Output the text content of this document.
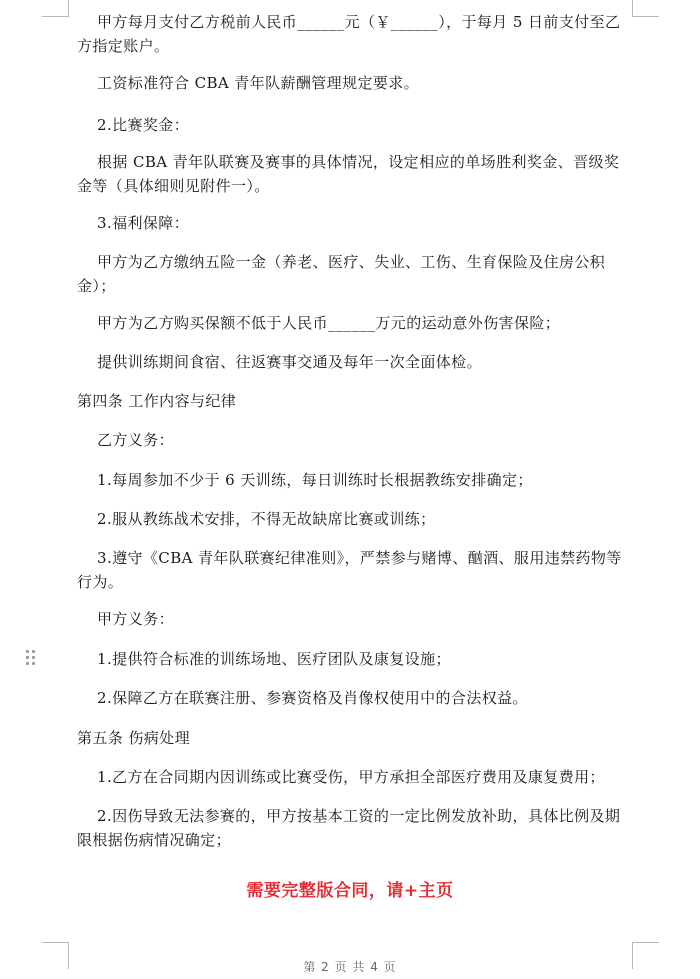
甲方每月支付乙方税前人民币______元（￥______），于每月 5 日前支付至乙方指定账户。
工资标准符合 CBA 青年队薪酬管理规定要求。
2.比赛奖金：
根据 CBA 青年队联赛及赛事的具体情况，设定相应的单场胜利奖金、晋级奖金等（具体细则见附件一）。
3.福利保障：
甲方为乙方缴纳五险一金（养老、医疗、失业、工伤、生育保险及住房公积金）；
甲方为乙方购买保额不低于人民币______万元的运动意外伤害保险；
提供训练期间食宿、往返赛事交通及每年一次全面体检。
第四条 工作内容与纪律
乙方义务：
1.每周参加不少于 6 天训练，每日训练时长根据教练安排确定；
2.服从教练战术安排，不得无故缺席比赛或训练；
3.遵守《CBA 青年队联赛纪律准则》，严禁参与赌博、酗酒、服用违禁药物等行为。
甲方义务：
1.提供符合标准的训练场地、医疗团队及康复设施；
2.保障乙方在联赛注册、参赛资格及肖像权使用中的合法权益。
第五条 伤病处理
1.乙方在合同期内因训练或比赛受伤，甲方承担全部医疗费用及康复费用；
2.因伤导致无法参赛的，甲方按基本工资的一定比例发放补助，具体比例及期限根据伤病情况确定；
需要完整版合同，请+主页
第 2 页 共 4 页
